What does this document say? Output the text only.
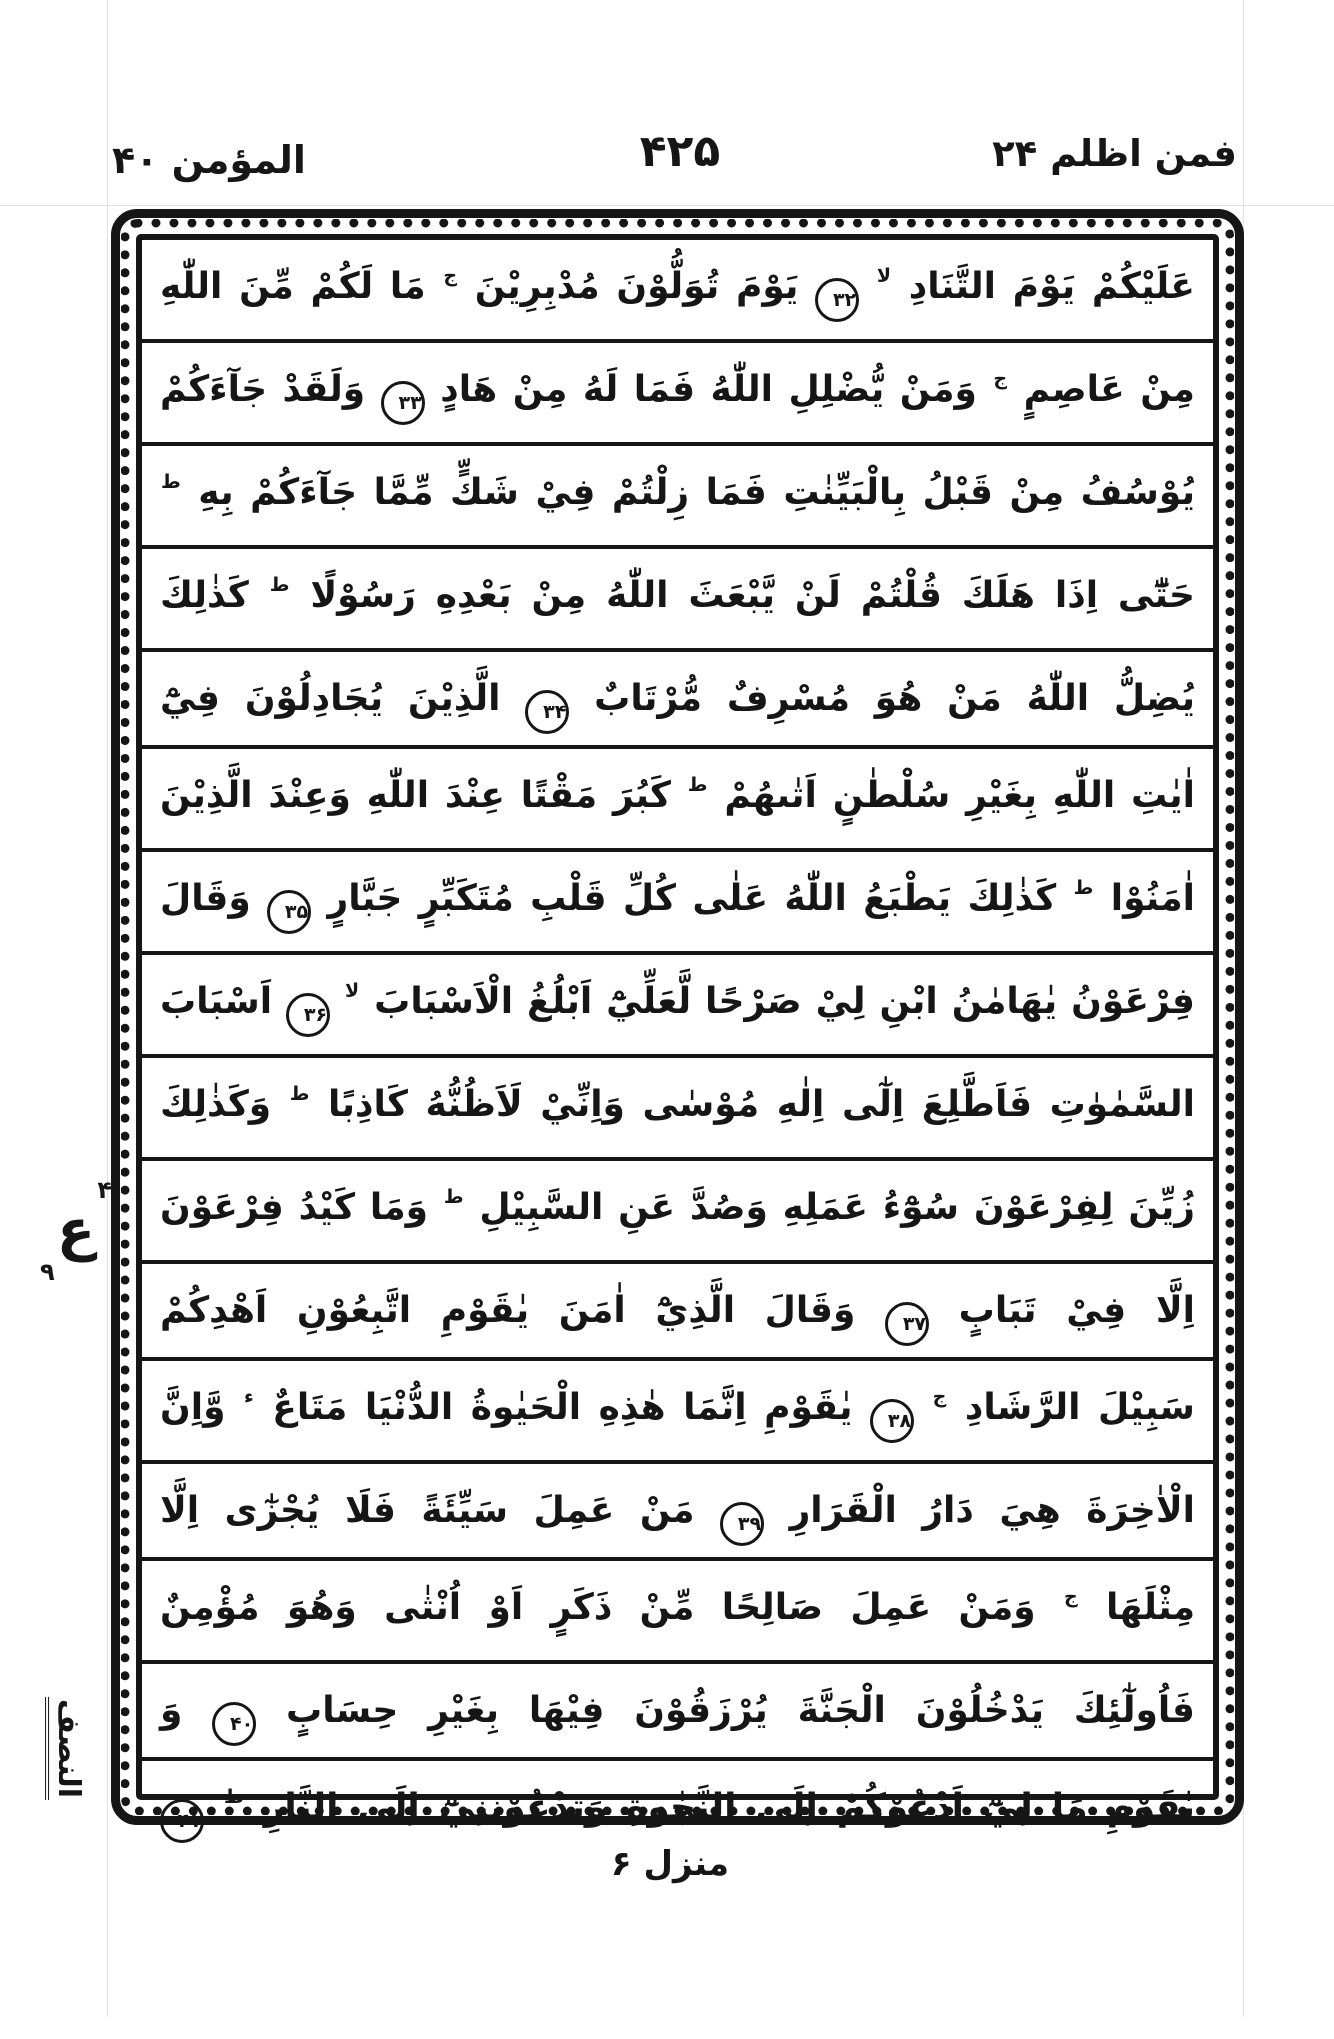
المؤمن ۴۰	۴۲۵	فمن اظلم ۲۴
عَلَيْكُمْ يَوْمَ التَّنَادِ لا ۳۲ يَوْمَ تُوَلُّوْنَ مُدْبِرِيْنَ ج مَا لَكُمْ مِّنَ اللّٰهِ
مِنْ عَاصِمٍ ج وَمَنْ يُّضْلِلِ اللّٰهُ فَمَا لَهُ مِنْ هَادٍ ۳۳ وَلَقَدْ جَآءَكُمْ
يُوْسُفُ مِنْ قَبْلُ بِالْبَيِّنٰتِ فَمَا زِلْتُمْ فِيْ شَكٍّ مِّمَّا جَآءَكُمْ بِهِ ط
حَتّٰٓى اِذَا هَلَكَ قُلْتُمْ لَنْ يَّبْعَثَ اللّٰهُ مِنْ بَعْدِهِ رَسُوْلًا ط كَذٰلِكَ
يُضِلُّ اللّٰهُ مَنْ هُوَ مُسْرِفٌ مُّرْتَابٌ ۳۴ الَّذِيْنَ يُجَادِلُوْنَ فِيْٓ
اٰيٰتِ اللّٰهِ بِغَيْرِ سُلْطٰنٍ اَتٰىهُمْ ط كَبُرَ مَقْتًا عِنْدَ اللّٰهِ وَعِنْدَ الَّذِيْنَ
اٰمَنُوْا ط كَذٰلِكَ يَطْبَعُ اللّٰهُ عَلٰى كُلِّ قَلْبِ مُتَكَبِّرٍ جَبَّارٍ ۳۵ وَقَالَ
فِرْعَوْنُ يٰهَامٰنُ ابْنِ لِيْ صَرْحًا لَّعَلِّيْٓ اَبْلُغُ الْاَسْبَابَ لا ۳۶ اَسْبَابَ
السَّمٰوٰتِ فَاَطَّلِعَ اِلٰٓى اِلٰهِ مُوْسٰى وَاِنِّيْ لَاَظُنُّهُ كَاذِبًا ط وَكَذٰلِكَ
زُيِّنَ لِفِرْعَوْنَ سُوْٓءُ عَمَلِهِ وَصُدَّ عَنِ السَّبِيْلِ ط وَمَا كَيْدُ فِرْعَوْنَ
اِلَّا فِيْ تَبَابٍ ۳۷ وَقَالَ الَّذِيْٓ اٰمَنَ يٰقَوْمِ اتَّبِعُوْنِ اَهْدِكُمْ
سَبِيْلَ الرَّشَادِ ج ۳۸ يٰقَوْمِ اِنَّمَا هٰذِهِ الْحَيٰوةُ الدُّنْيَا مَتَاعٌ ء وَّاِنَّ
الْاٰخِرَةَ هِيَ دَارُ الْقَرَارِ ۳۹ مَنْ عَمِلَ سَيِّئَةً فَلَا يُجْزٰٓى اِلَّا
مِثْلَهَا ج وَمَنْ عَمِلَ صَالِحًا مِّنْ ذَكَرٍ اَوْ اُنْثٰى وَهُوَ مُؤْمِنٌ
فَاُولٰٓئِكَ يَدْخُلُوْنَ الْجَنَّةَ يُرْزَقُوْنَ فِيْهَا بِغَيْرِ حِسَابٍ ۴۰ وَ
يٰقَوْمِ مَا لِيْٓ اَدْعُوْكُمْ اِلَى النَّجٰوةِ وَتَدْعُوْنَنِيْٓ اِلَى النَّارِ ط ۴۱
۴
ع
۹
النصف
منزل ۶
